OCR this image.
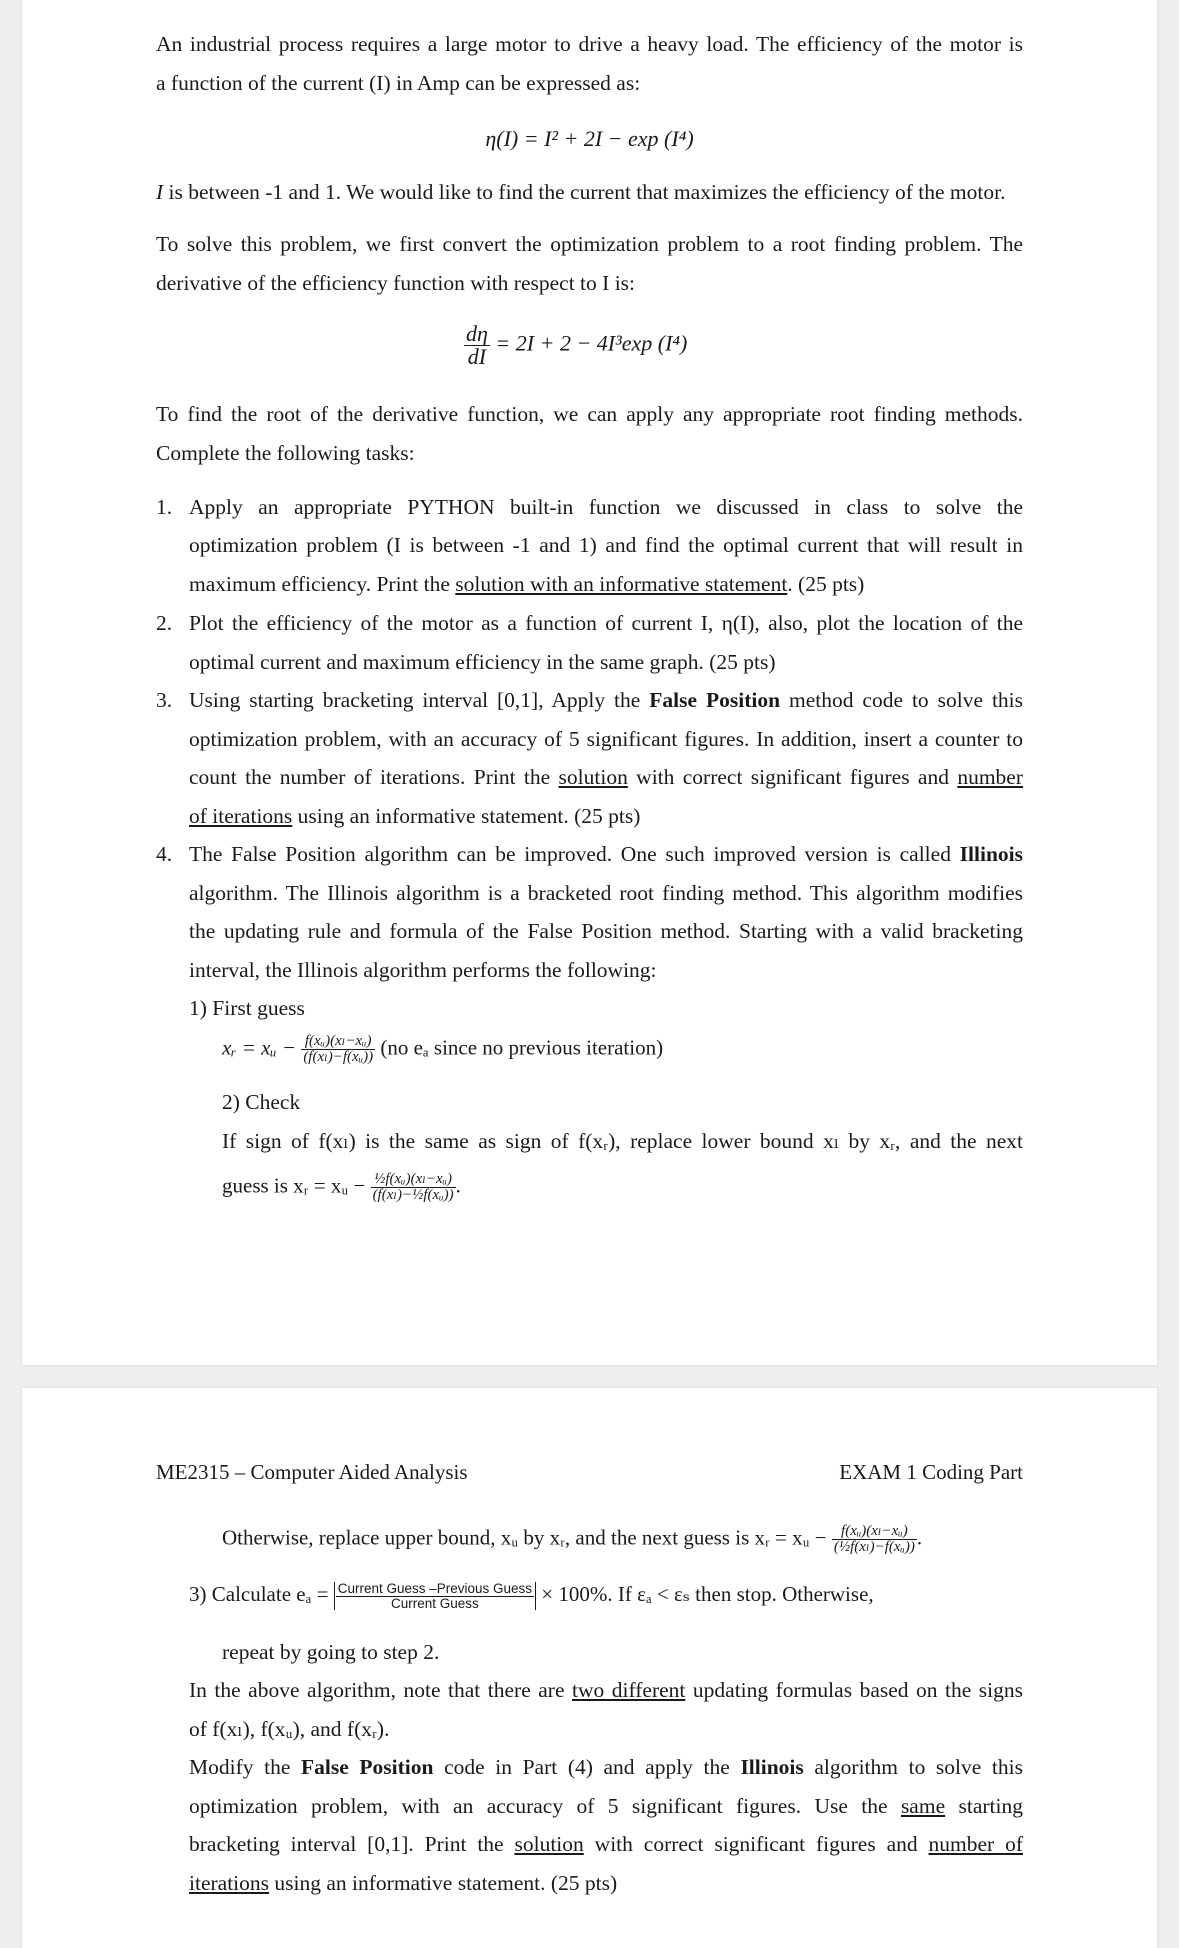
An industrial process requires a large motor to drive a heavy load. The efficiency of the motor is
a function of the current (I) in Amp can be expressed as:
η(I) = I² + 2I − exp (I⁴)
I is between -1 and 1. We would like to find the current that maximizes the efficiency of the motor.
To solve this problem, we first convert the optimization problem to a root finding problem. The
derivative of the efficiency function with respect to I is:
$\frac{d\eta}{dI} = 2I + 2 - 4I^3\exp$ (I⁴)
To find the root of the derivative function, we can apply any appropriate root finding methods.
Complete the following tasks:
1. Apply an appropriate PYTHON built-in function we discussed in class to solve the
optimization problem (I is between -1 and 1) and find the optimal current that will result in
maximum efficiency. Print the solution with an informative statement. (25 pts)
2. Plot the efficiency of the motor as a function of current I, η(I), also, plot the location of the
optimal current and maximum efficiency in the same graph. (25 pts)
3. Using starting bracketing interval [0,1], Apply the False Position method code to solve this
optimization problem, with an accuracy of 5 significant figures. In addition, insert a counter to
count the number of iterations. Print the solution with correct significant figures and number
of iterations using an informative statement. (25 pts)
4. The False Position algorithm can be improved. One such improved version is called Illinois
algorithm. The Illinois algorithm is a bracketed root finding method. This algorithm modifies
the updating rule and formula of the False Position method. Starting with a valid bracketing
interval, the Illinois algorithm performs the following:
1) First guess
xᵣ = xᵤ − $\frac{\text{f(xᵤ)(xₗ−xᵤ)}}{\text{(f(xₗ)−f(xᵤ))}} (no$ eₐ since no previous iteration)
2) Check
If sign of f(xₗ) is the same as sign of f(xᵣ), replace lower bound xₗ by xᵣ, and the next
guess is xᵣ = xᵤ − $\frac{\text{½f(xᵤ)(xₗ−xᵤ)}}{\text{(f(xₗ)−½f(xᵤ))}}$ .
ME2315 – Computer Aided Analysis	EXAM 1 Coding Part
Otherwise, replace upper bound, xᵤ by xᵣ, and the next guess is xᵣ = xᵤ − $\frac{\text{f(xᵤ)(xₗ−xᵤ)}}{\text{(½f(xₗ)−f(xᵤ))}}$ .
3) Calculate $e_a = \frac{\text{Current Guess –Previous Guess}}{\text{Current Guess}} \times 100\%$. If εₐ < εₛ then stop. Otherwise,
repeat by going to step 2.
In the above algorithm, note that there are two different updating formulas based on the signs
of f(xₗ), f(xᵤ), and f(xᵣ).
Modify the False Position code in Part (4) and apply the Illinois algorithm to solve this
optimization problem, with an accuracy of 5 significant figures. Use the same starting
bracketing interval [0,1]. Print the solution with correct significant figures and number of
iterations using an informative statement. (25 pts)
